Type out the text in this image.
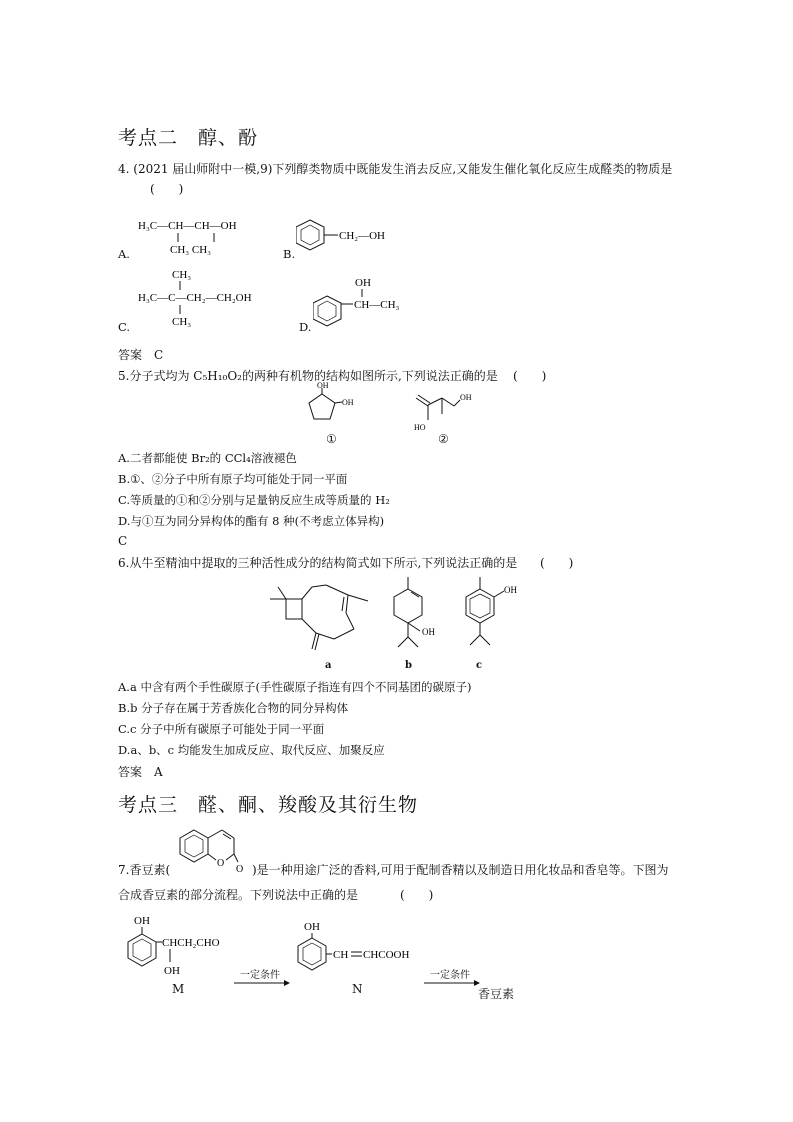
考点二　醇、酚
4. (2021 届山师附中一模,9)下列醇类物质中既能发生消去反应,又能发生催化氧化反应生成醛类的物质是
(　　)
H₃C—CH—CH—OH
CH₃ CH₃
A.
CH₂—OH
B.
CH₃
H₃C—C—CH₂—CH₂OH
CH₃
C.
OH
CH—CH₃
D.
答案　C
5.分子式均为 C₅H₁₀O₂的两种有机物的结构如图所示,下列说法正确的是 (　　)
OH
OH
①
HO
OH
②
A.二者都能使 Br₂的 CCl₄溶液褪色
B.①、②分子中所有原子均可能处于同一平面
C.等质量的①和②分别与足量钠反应生成等质量的 H₂
D.与①互为同分异构体的酯有 8 种(不考虑立体异构)
C
6.从牛至精油中提取的三种活性成分的结构简式如下所示,下列说法正确的是 (　　)
a
OH
b
OH
c
A.a 中含有两个手性碳原子(手性碳原子指连有四个不同基团的碳原子)
B.b 分子存在属于芳香族化合物的同分异构体
C.c 分子中所有碳原子可能处于同一平面
D.a、b、c 均能发生加成反应、取代反应、加聚反应
答案　A
考点三　醛、酮、羧酸及其衍生物
7.香豆素(	O
O )是一种用途广泛的香料,可用于配制香精以及制造日用化妆品和香皂等。下图为
合成香豆素的部分流程。下列说法中正确的是	(　　)
OH
CHCH₂CHO
OH
M
一定条件
OH
CH CHCOOH
N
一定条件
香豆素
